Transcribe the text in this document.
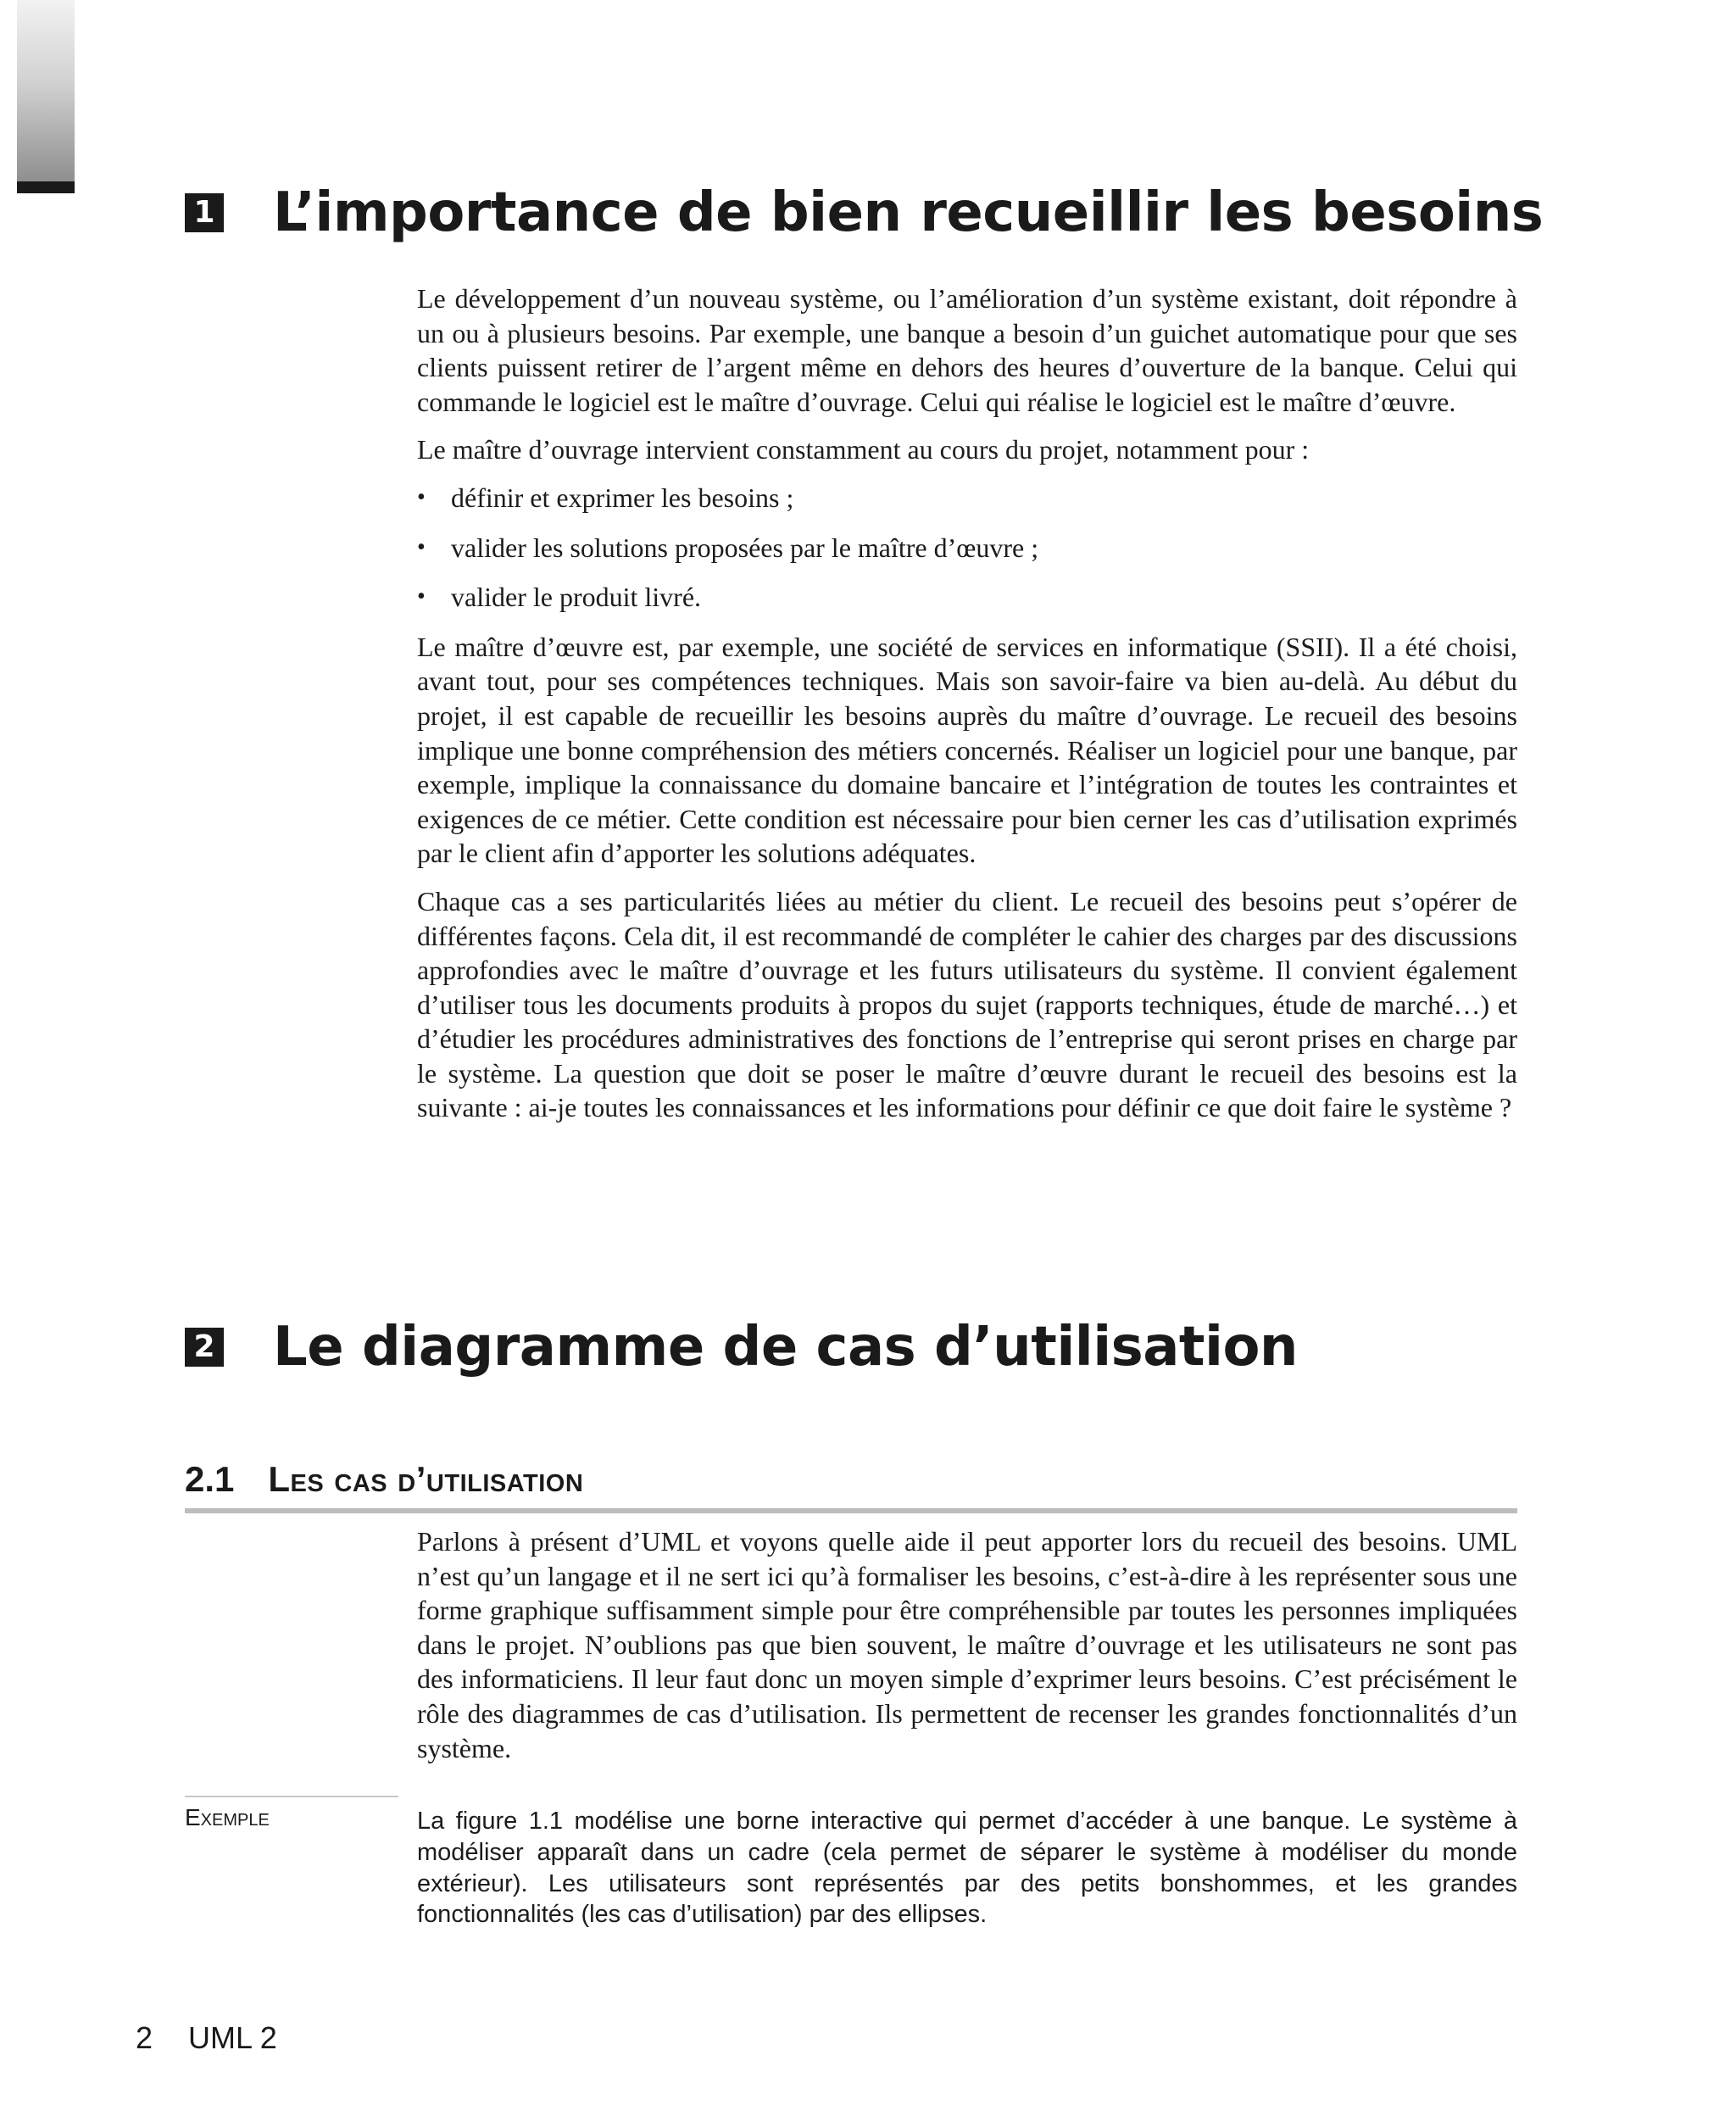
1 L’importance de bien recueillir les besoins

Le développement d’un nouveau système, ou l’amélioration d’un système existant, doit répondre à un ou à plusieurs besoins. Par exemple, une banque a besoin d’un guichet automatique pour que ses clients puissent retirer de l’argent même en dehors des heures d’ouverture de la banque. Celui qui commande le logiciel est le maître d’ouvrage. Celui qui réalise le logiciel est le maître d’œuvre.

Le maître d’ouvrage intervient constamment au cours du projet, notamment pour :

• définir et exprimer les besoins ;
• valider les solutions proposées par le maître d’œuvre ;
• valider le produit livré.

Le maître d’œuvre est, par exemple, une société de services en informatique (SSII). Il a été choisi, avant tout, pour ses compétences techniques. Mais son savoir-faire va bien au-delà. Au début du projet, il est capable de recueillir les besoins auprès du maître d’ouvrage. Le recueil des besoins implique une bonne compréhension des métiers concernés. Réaliser un logiciel pour une banque, par exemple, implique la connaissance du domaine bancaire et l’intégration de toutes les contraintes et exigences de ce métier. Cette condition est nécessaire pour bien cerner les cas d’utilisation exprimés par le client afin d’apporter les solutions adéquates.

Chaque cas a ses particularités liées au métier du client. Le recueil des besoins peut s’opérer de différentes façons. Cela dit, il est recommandé de compléter le cahier des charges par des discussions approfondies avec le maître d’ouvrage et les futurs utilisateurs du système. Il convient également d’utiliser tous les documents produits à propos du sujet (rapports techniques, étude de marché…) et d’étudier les procédures administratives des fonctions de l’entreprise qui seront prises en charge par le système. La question que doit se poser le maître d’œuvre durant le recueil des besoins est la suivante : ai-je toutes les connaissances et les informations pour définir ce que doit faire le système ?

2 Le diagramme de cas d’utilisation
2.1 Les cas d’utilisation

Parlons à présent d’UML et voyons quelle aide il peut apporter lors du recueil des besoins. UML n’est qu’un langage et il ne sert ici qu’à formaliser les besoins, c’est-à-dire à les représenter sous une forme graphique suffisamment simple pour être compréhensible par toutes les personnes impliquées dans le projet. N’oublions pas que bien souvent, le maître d’ouvrage et les utilisateurs ne sont pas des informaticiens. Il leur faut donc un moyen simple d’exprimer leurs besoins. C’est précisément le rôle des diagrammes de cas d’utilisation. Ils permettent de recenser les grandes fonctionnalités d’un système.

Exemple	La figure 1.1 modélise une borne interactive qui permet d’accéder à une banque. Le système à modéliser apparaît dans un cadre (cela permet de séparer le système à modéliser du monde extérieur). Les utilisateurs sont représentés par des petits bonshommes, et les grandes fonctionnalités (les cas d’utilisation) par des ellipses.

2 UML 2
